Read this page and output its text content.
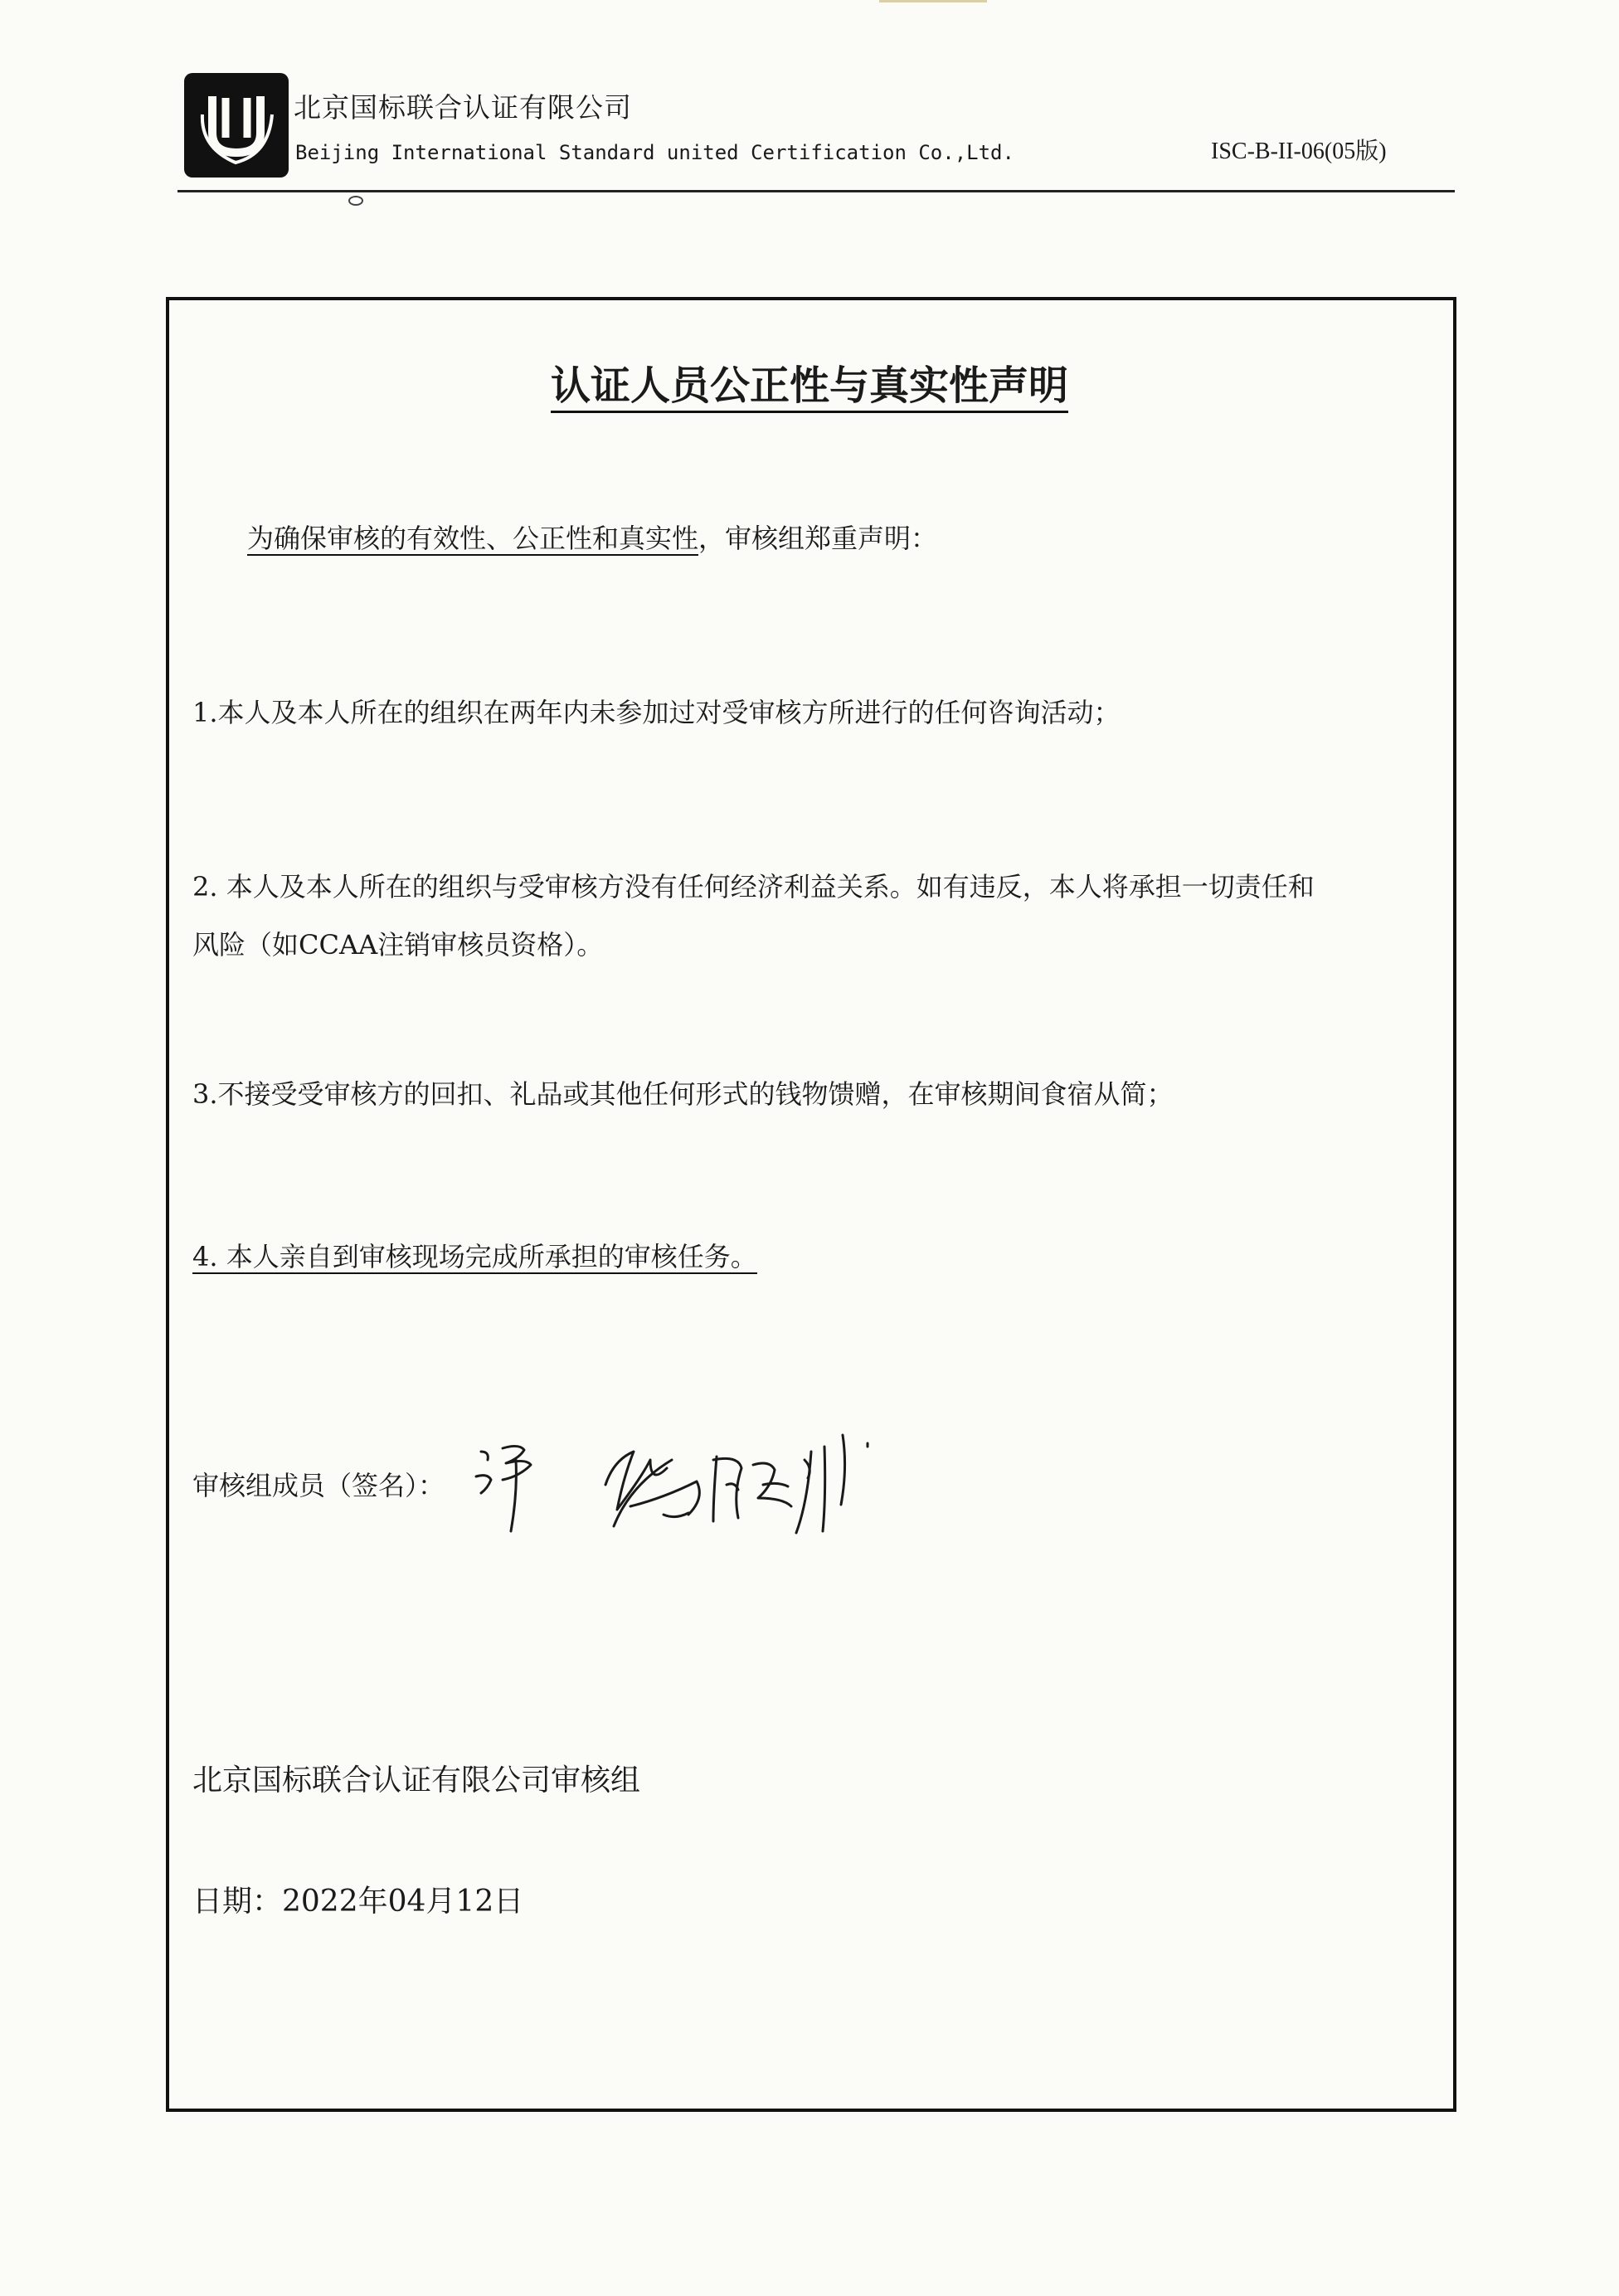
北京国标联合认证有限公司
Beijing International Standard united Certification Co.,Ltd.	ISC-B-II-06(05版)
认证人员公正性与真实性声明
为确保审核的有效性、公正性和真实性，审核组郑重声明：
1.本人及本人所在的组织在两年内未参加过对受审核方所进行的任何咨询活动；
2. 本人及本人所在的组织与受审核方没有任何经济利益关系。如有违反，本人将承担一切责任和
风险（如CCAA注销审核员资格）。
3.不接受受审核方的回扣、礼品或其他任何形式的钱物馈赠，在审核期间食宿从简；
4. 本人亲自到审核现场完成所承担的审核任务。
审核组成员（签名）：
北京国标联合认证有限公司审核组
日期：2022年04月12日
